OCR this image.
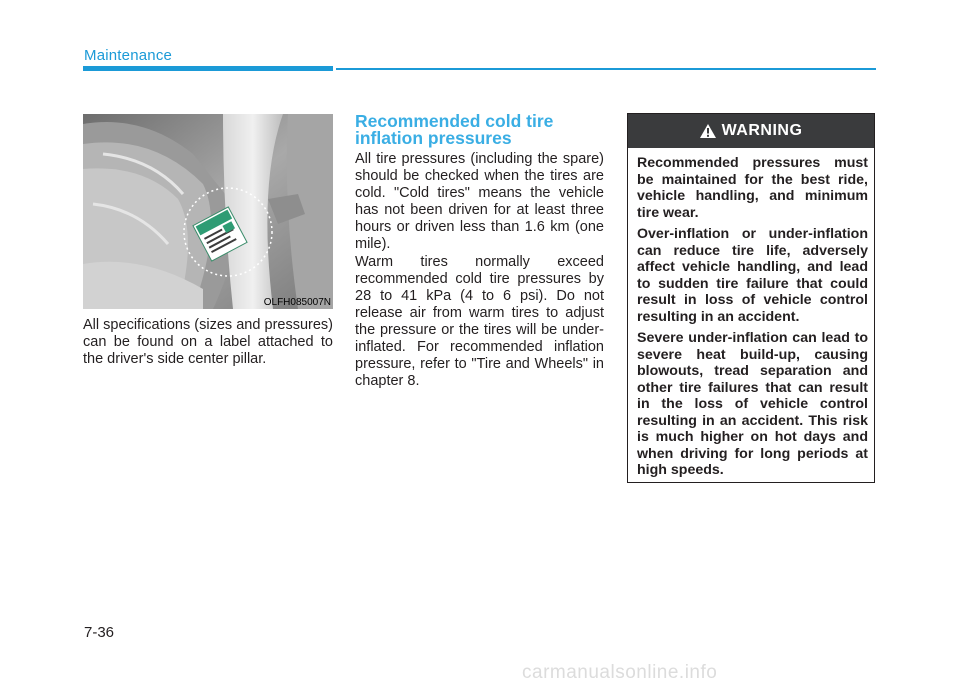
Maintenance
OLFH085007N

All specifications (sizes and pressures) can be found on a label attached to the driver's side center pillar.

Recommended cold tire inflation pressures

All tire pressures (including the spare) should be checked when the tires are cold. "Cold tires" means the vehicle has not been driven for at least three hours or driven less than 1.6 km (one mile).

Warm tires normally exceed recommended cold tire pressures by 28 to 41 kPa (4 to 6 psi). Do not release air from warm tires to adjust the pressure or the tires will be under-inflated. For recommended inflation pressure, refer to "Tire and Wheels" in chapter 8.

WARNING

Recommended pressures must be maintained for the best ride, vehicle handling, and minimum tire wear.

Over-inflation or under-inflation can reduce tire life, adversely affect vehicle handling, and lead to sudden tire failure that could result in loss of vehicle control resulting in an accident.

Severe under-inflation can lead to severe heat build-up, causing blowouts, tread separation and other tire failures that can result in the loss of vehicle control resulting in an accident. This risk is much higher on hot days and when driving for long periods at high speeds.

7-36
carmanualsonline.info
